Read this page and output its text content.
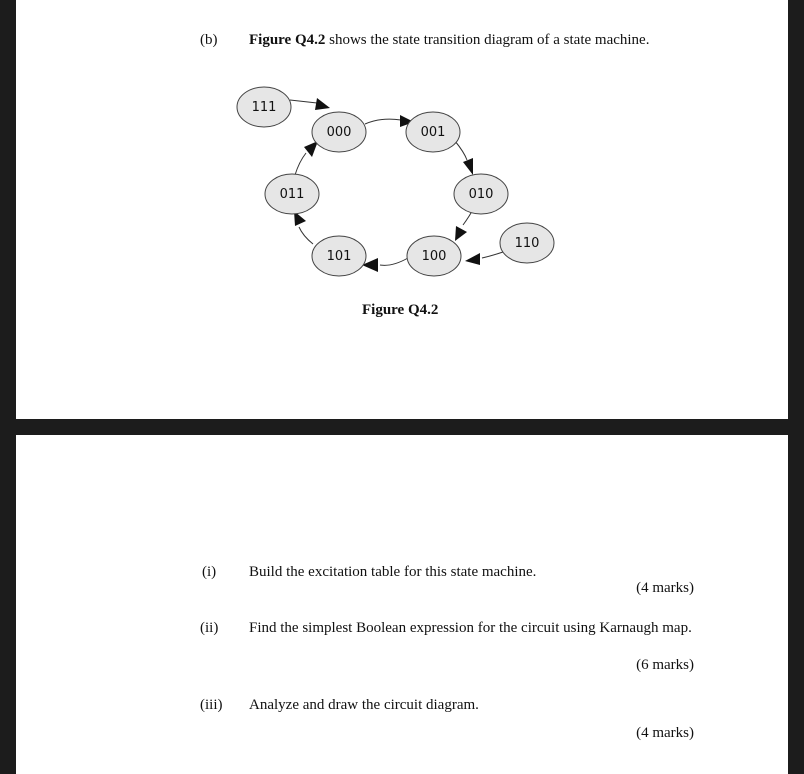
(b) Figure Q4.2 shows the state transition diagram of a state machine.
111
000	001
010
011
101	100
110
Figure Q4.2
(i) Build the excitation table for this state machine.
(4 marks)
(ii) Find the simplest Boolean expression for the circuit using Karnaugh map.
(6 marks)
(iii) Analyze and draw the circuit diagram.
(4 marks)
